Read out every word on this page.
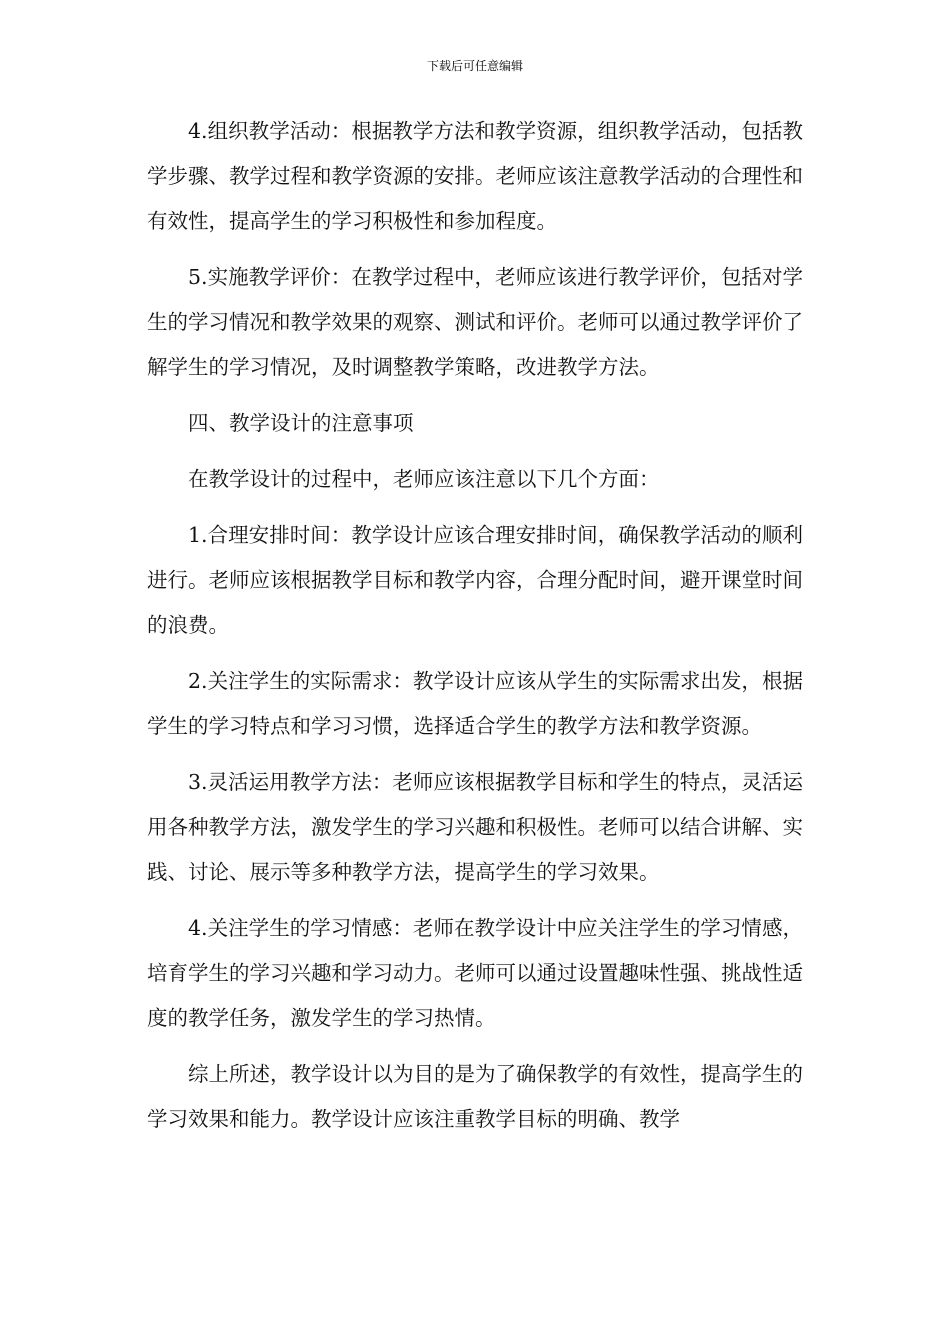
下载后可任意编辑

4.组织教学活动：根据教学方法和教学资源，组织教学活动，包括教学步骤、教学过程和教学资源的安排。老师应该注意教学活动的合理性和有效性，提高学生的学习积极性和参加程度。

5.实施教学评价：在教学过程中，老师应该进行教学评价，包括对学生的学习情况和教学效果的观察、测试和评价。老师可以通过教学评价了解学生的学习情况，及时调整教学策略，改进教学方法。

四、教学设计的注意事项

在教学设计的过程中，老师应该注意以下几个方面：

1.合理安排时间：教学设计应该合理安排时间，确保教学活动的顺利进行。老师应该根据教学目标和教学内容，合理分配时间，避开课堂时间的浪费。

2.关注学生的实际需求：教学设计应该从学生的实际需求出发，根据学生的学习特点和学习习惯，选择适合学生的教学方法和教学资源。

3.灵活运用教学方法：老师应该根据教学目标和学生的特点，灵活运用各种教学方法，激发学生的学习兴趣和积极性。老师可以结合讲解、实践、讨论、展示等多种教学方法，提高学生的学习效果。

4.关注学生的学习情感：老师在教学设计中应关注学生的学习情感，培育学生的学习兴趣和学习动力。老师可以通过设置趣味性强、挑战性适度的教学任务，激发学生的学习热情。

综上所述，教学设计以为目的是为了确保教学的有效性，提高学生的学习效果和能力。教学设计应该注重教学目标的明确、教学
